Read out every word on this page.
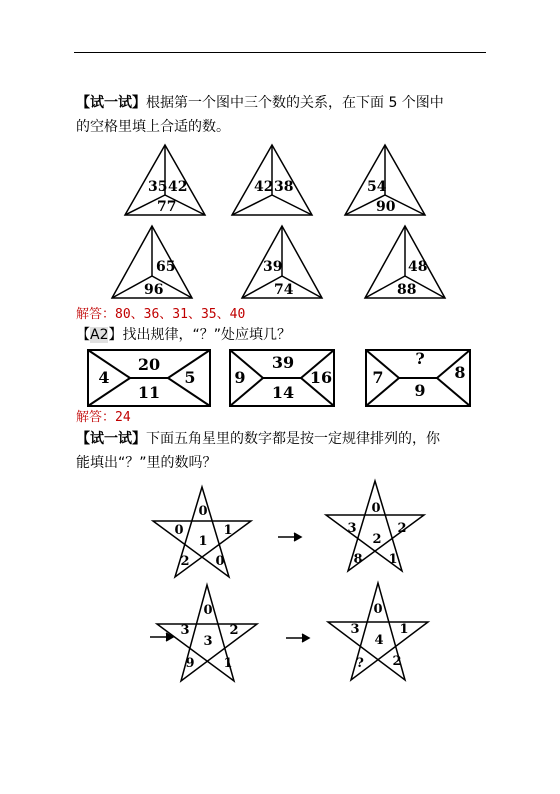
【试一试】根据第一个图中三个数的关系，在下面 5 个图中
的空格里填上合适的数。
解答：80、36、31、35、40
【A2】找出规律，“？”处应填几？
解答：24
【试一试】下面五角星里的数字都是按一定规律排列的，你
能填出“？”里的数吗？
35 42
77
42 38	54
90
65
96
39
74
48
88
4
20
5
11
9
39
16
14
7
?
8
9
0
0	1
1
2 0
0
3	2
2
8 1
0
3	2
3
9 1
0
3	1
4
? 2
